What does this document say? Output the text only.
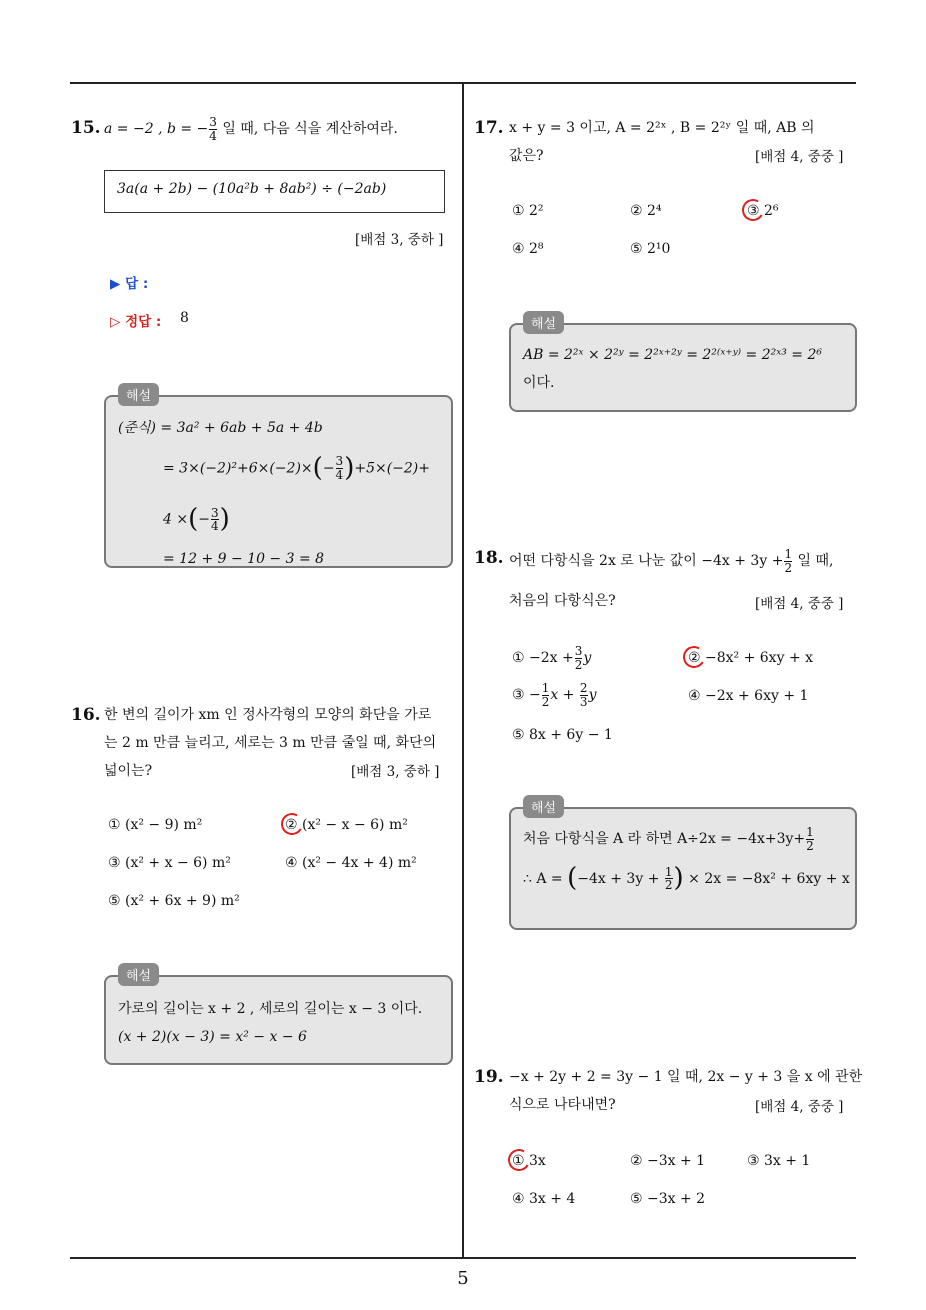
15. a = −2 , b = − $\frac{3}{4}$ 일 때, 다음 식을 계산하여라.
3a(a + 2b) − (10a²b + 8ab²) ÷ (−2ab)
[배점 3, 중하 ]
▶ 답 :
▷ 정답 : 8
해설
(준식) = 3a² + 6ab + 5a + 4b
= $3\times(-2)^2+6\times(-2)\times(- \frac{3}{4} )+5\times(-2)+$
4 ×(− $\frac{3}{4}$ )
= 12 + 9 − 10 − 3 = 8
16. 한 변의 길이가 xm 인 정사각형의 모양의 화단을 가로
는 2 m 만큼 늘리고, 세로는 3 m 만큼 줄일 때, 화단의
넓이는?	[배점 3, 중하 ]
① (x² − 9) m²	② (x² − x − 6) m²
③ (x² + x − 6) m²	④ (x² − 4x + 4) m²
⑤ (x² + 6x + 9) m²
해설
가로의 길이는 x + 2 , 세로의 길이는 x − 3 이다.
(x + 2)(x − 3) = x² − x − 6
17. x + y = 3 이고, A = 2²ˣ , B = 2²ʸ 일 때, AB 의
값은?	[배점 4, 중중 ]
① 2²	② 2⁴	③ 2⁶
④ 2⁸	⑤ 2¹0
해설
AB = 2²ˣ × 2²ʸ = 2²ˣ⁺²ʸ = 2²⁽ˣ⁺ʸ⁾ = 2²ˣ³ = 2⁶
이다.
18. 어떤 다항식을 2x 로 나눈 값이 $-4x + 3y + \frac{1}{2}$ 일 때,
처음의 다항식은?	[배점 4, 중중 ]
① $-2x + \frac{3}{2}$ y	② −8x² + 6xy + x
③ − $\frac{1}{2}$ $x + \frac{2}{3}$ y	④ −2x + 6xy + 1
⑤ 8x + 6y − 1
해설
처음 다항식을 A 라 하면 $A\div 2x = -4x+3y+ \frac{1}{2}$
∴ $A = (-4x + 3y + \frac{1}{2}$ ) × 2x = −8x² + 6xy + x
19. −x + 2y + 2 = 3y − 1 일 때, 2x − y + 3 을 x 에 관한
식으로 나타내면?	[배점 4, 중중 ]
① 3x	② −3x + 1	③ 3x + 1
④ 3x + 4	⑤ −3x + 2
5
